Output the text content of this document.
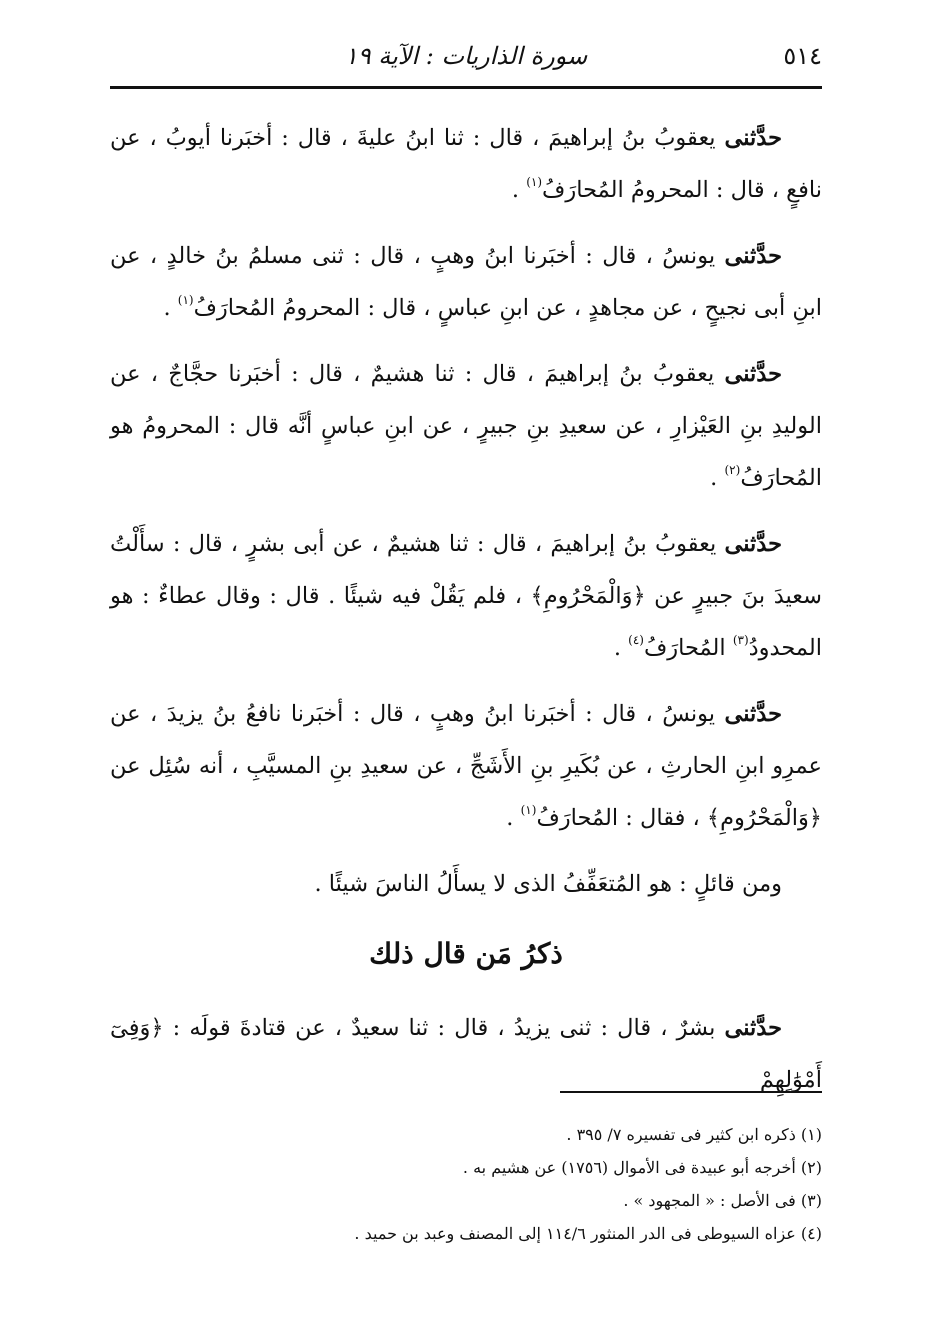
٥١٤
سورة الذاريات : الآية ١٩

حدَّثنى يعقوبُ بنُ إبراهيمَ ، قال : ثنا ابنُ عليةَ ، قال : أخبَرنا أيوبُ ، عن نافعٍ ، قال : المحرومُ المُحارَفُ$^{(١)}$ .

حدَّثنى يونسُ ، قال : أخبَرنا ابنُ وهبٍ ، قال : ثنى مسلمُ بنُ خالدٍ ، عن ابنِ أبى نجيحٍ ، عن مجاهدٍ ، عن ابنِ عباسٍ ، قال : المحرومُ المُحارَفُ$^{(١)}$ .

حدَّثنى يعقوبُ بنُ إبراهيمَ ، قال : ثنا هشيمٌ ، قال : أخبَرنا حجَّاجٌ ، عن الوليدِ بنِ العَيْزارِ ، عن سعيدِ بنِ جبيرٍ ، عن ابنِ عباسٍ أنَّه قال : المحرومُ هو المُحارَفُ$^{(٢)}$ .

حدَّثنى يعقوبُ بنُ إبراهيمَ ، قال : ثنا هشيمٌ ، عن أبى بشرٍ ، قال : سأَلْتُ سعيدَ بنَ جبيرٍ عن ﴿وَالْمَحْرُومِ﴾ ، فلم يَقُلْ فيه شيئًا . قال : وقال عطاءٌ : هو المحدودُ$^{(٣)}$ المُحارَفُ$^{(٤)}$ .

حدَّثنى يونسُ ، قال : أخبَرنا ابنُ وهبٍ ، قال : أخبَرنا نافعُ بنُ يزيدَ ، عن عمرِو ابنِ الحارثِ ، عن بُكَيرِ بنِ الأَشَجِّ ، عن سعيدِ بنِ المسيَّبِ ، أنه سُئِل عن ﴿وَالْمَحْرُومِ﴾ ، فقال : المُحارَفُ$^{(١)}$ .

ومن قائلٍ : هو المُتعَفِّفُ الذى لا يسأَلُ الناسَ شيئًا .

ذكرُ مَن قال ذلك

حدَّثنى بشرٌ ، قال : ثنى يزيدُ ، قال : ثنا سعيدٌ ، عن قتادةَ قولَه : ﴿وَفِىٓ أَمْوَٰلِهِمْ

(١) ذكره ابن كثير فى تفسيره ٧/ ٣٩٥ .

(٢) أخرجه أبو عبيدة فى الأموال (١٧٥٦) عن هشيم به .

(٣) فى الأصل : « المجهود » .

(٤) عزاه السيوطى فى الدر المنثور ١١٤/٦ إلى المصنف وعبد بن حميد .
